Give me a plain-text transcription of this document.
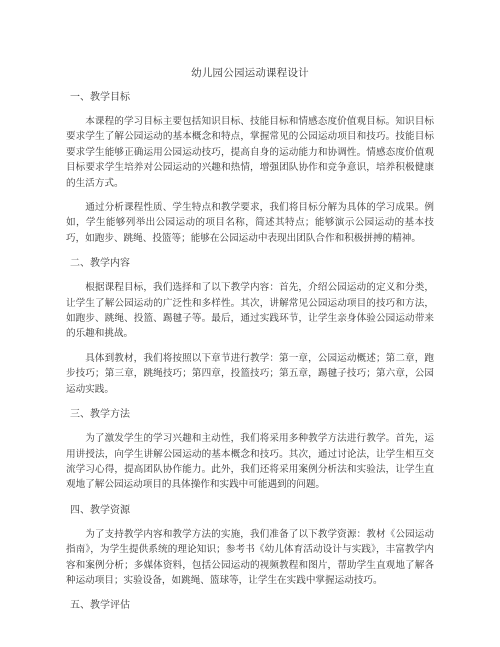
幼儿园公园运动课程设计
一、教学目标

本课程的学习目标主要包括知识目标、技能目标和情感态度价值观目标。知识目标要求学生了解公园运动的基本概念和特点，掌握常见的公园运动项目和技巧。技能目标要求学生能够正确运用公园运动技巧，提高自身的运动能力和协调性。情感态度价值观目标要求学生培养对公园运动的兴趣和热情，增强团队协作和竞争意识，培养积极健康的生活方式。

通过分析课程性质、学生特点和教学要求，我们将目标分解为具体的学习成果。例如，学生能够列举出公园运动的项目名称，简述其特点；能够演示公园运动的基本技巧，如跑步、跳绳、投篮等；能够在公园运动中表现出团队合作和积极拼搏的精神。

二、教学内容

根据课程目标，我们选择和了以下教学内容：首先，介绍公园运动的定义和分类，让学生了解公园运动的广泛性和多样性。其次，讲解常见公园运动项目的技巧和方法，如跑步、跳绳、投篮、踢毽子等。最后，通过实践环节，让学生亲身体验公园运动带来的乐趣和挑战。

具体到教材，我们将按照以下章节进行教学：第一章，公园运动概述；第二章，跑步技巧；第三章，跳绳技巧；第四章，投篮技巧；第五章，踢毽子技巧；第六章，公园运动实践。

三、教学方法

为了激发学生的学习兴趣和主动性，我们将采用多种教学方法进行教学。首先，运用讲授法，向学生讲解公园运动的基本概念和技巧。其次，通过讨论法，让学生相互交流学习心得，提高团队协作能力。此外，我们还将采用案例分析法和实验法，让学生直观地了解公园运动项目的具体操作和实践中可能遇到的问题。

四、教学资源

为了支持教学内容和教学方法的实施，我们准备了以下教学资源：教材《公园运动指南》，为学生提供系统的理论知识；参考书《幼儿体育活动设计与实践》，丰富教学内容和案例分析；多媒体资料，包括公园运动的视频教程和图片，帮助学生直观地了解各种运动项目；实验设备，如跳绳、篮球等，让学生在实践中掌握运动技巧。

五、教学评估
